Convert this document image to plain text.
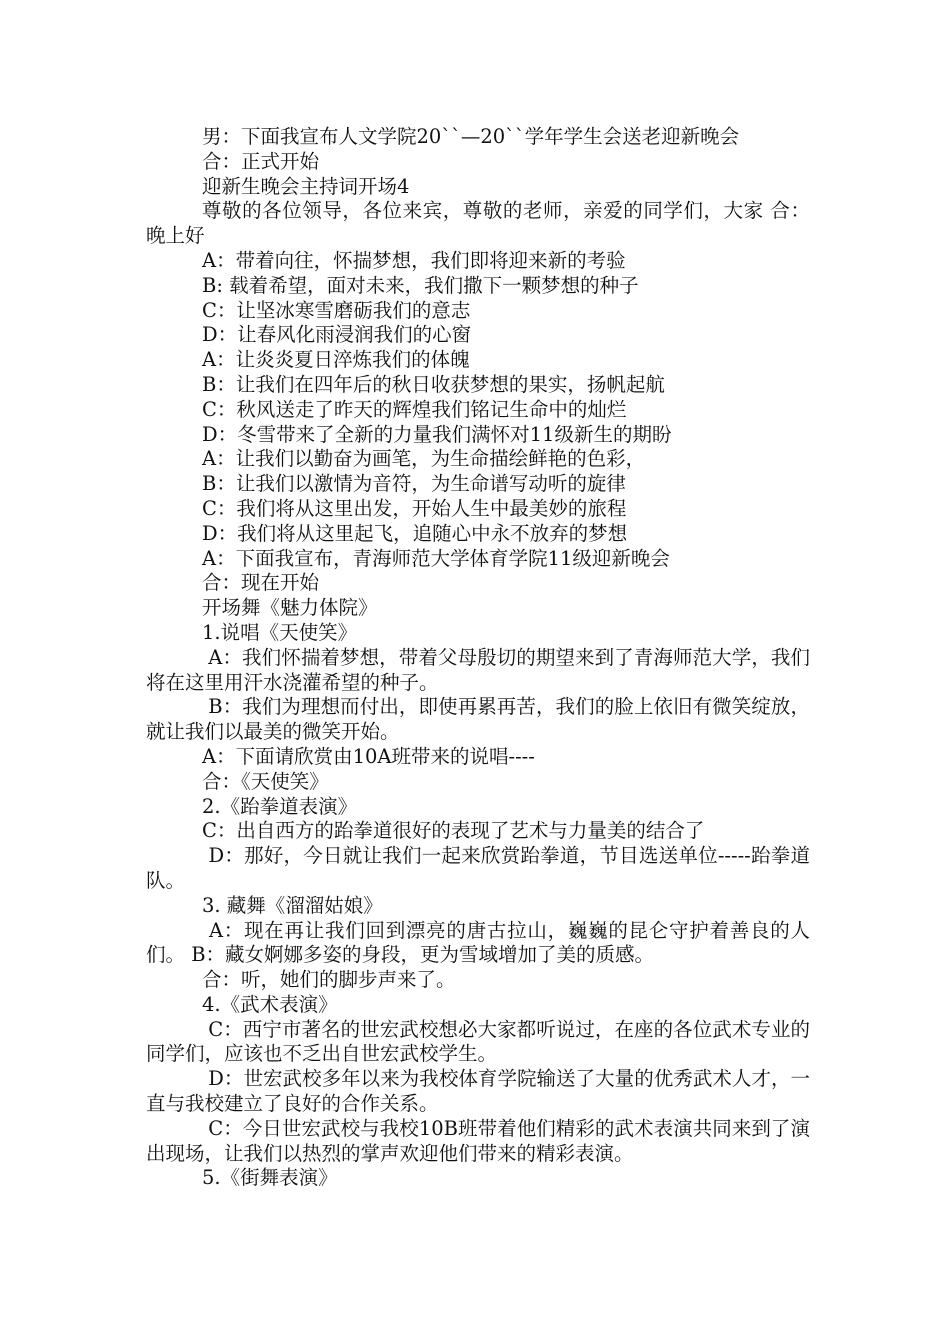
男：下面我宣布人文学院20``—20``学年学生会送老迎新晚会

合：正式开始

迎新生晚会主持词开场4

尊敬的各位领导，各位来宾，尊敬的老师，亲爱的同学们，大家 合：晚上好

A：带着向往，怀揣梦想，我们即将迎来新的考验

B: 载着希望，面对未来，我们撒下一颗梦想的种子

C：让坚冰寒雪磨砺我们的意志

D：让春风化雨浸润我们的心窗

A：让炎炎夏日淬炼我们的体魄

B：让我们在四年后的秋日收获梦想的果实，扬帆起航

C：秋风送走了昨天的辉煌我们铭记生命中的灿烂

D：冬雪带来了全新的力量我们满怀对11级新生的期盼

A：让我们以勤奋为画笔，为生命描绘鲜艳的色彩，

B：让我们以激情为音符，为生命谱写动听的旋律

C：我们将从这里出发，开始人生中最美妙的旅程

D：我们将从这里起飞，追随心中永不放弃的梦想

A：下面我宣布，青海师范大学体育学院11级迎新晚会

合：现在开始

开场舞《魅力体院》

1.说唱《天使笑》

A：我们怀揣着梦想，带着父母殷切的期望来到了青海师范大学，我们将在这里用汗水浇灌希望的种子。

B：我们为理想而付出，即使再累再苦，我们的脸上依旧有微笑绽放，就让我们以最美的微笑开始。

A：下面请欣赏由10A班带来的说唱----

合：《天使笑》

2.《跆拳道表演》

C：出自西方的跆拳道很好的表现了艺术与力量美的结合了

D：那好，今日就让我们一起来欣赏跆拳道，节目选送单位-----跆拳道队。

3. 藏舞《溜溜姑娘》

A：现在再让我们回到漂亮的唐古拉山，巍巍的昆仑守护着善良的人们。 B：藏女婀娜多姿的身段，更为雪域增加了美的质感。

合：听，她们的脚步声来了。

4.《武术表演》

C：西宁市著名的世宏武校想必大家都听说过，在座的各位武术专业的同学们，应该也不乏出自世宏武校学生。

D：世宏武校多年以来为我校体育学院输送了大量的优秀武术人才，一直与我校建立了良好的合作关系。

C：今日世宏武校与我校10B班带着他们精彩的武术表演共同来到了演出现场，让我们以热烈的掌声欢迎他们带来的精彩表演。

5.《街舞表演》
